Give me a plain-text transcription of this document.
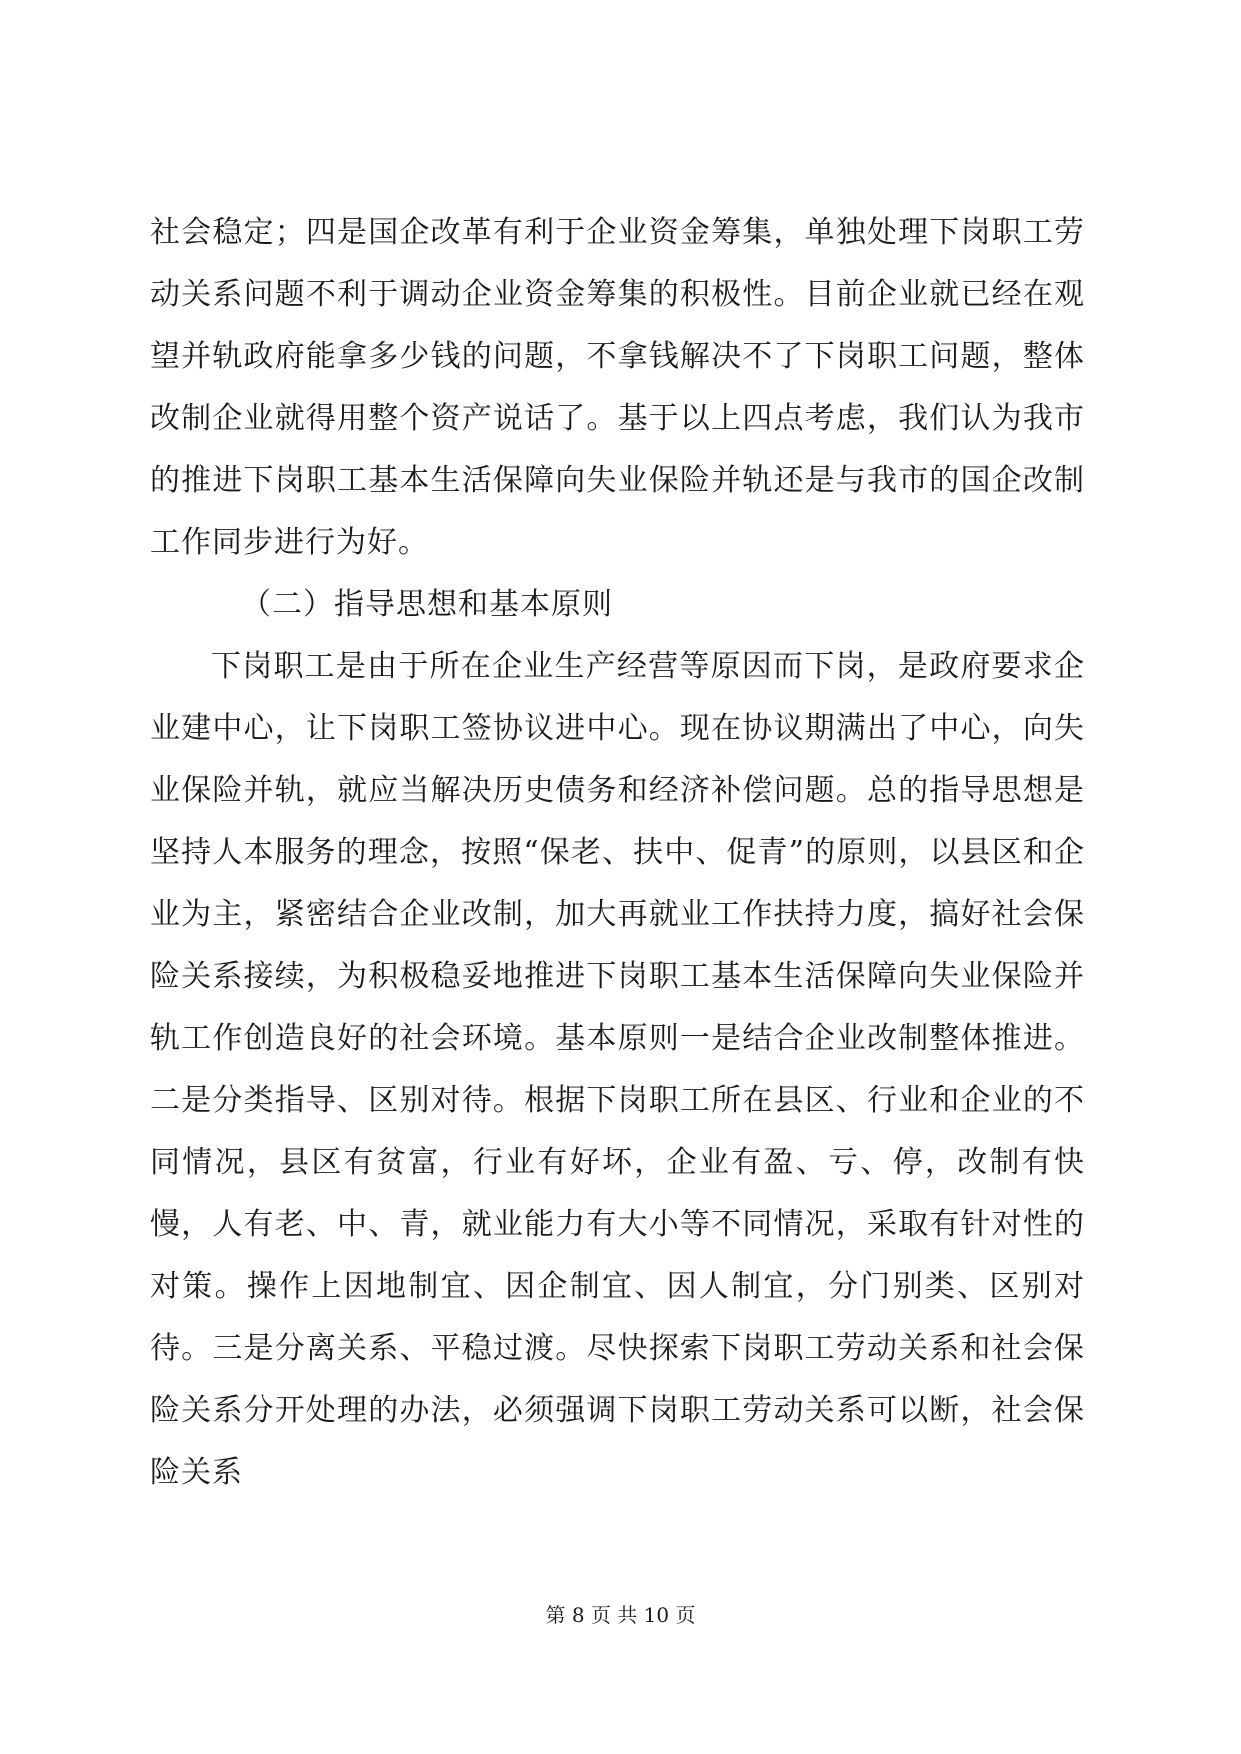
社会稳定；四是国企改革有利于企业资金筹集，单独处理下岗职工劳动关系问题不利于调动企业资金筹集的积极性。目前企业就已经在观望并轨政府能拿多少钱的问题，不拿钱解决不了下岗职工问题，整体改制企业就得用整个资产说话了。基于以上四点考虑，我们认为我市的推进下岗职工基本生活保障向失业保险并轨还是与我市的国企改制工作同步进行为好。

（二）指导思想和基本原则

下岗职工是由于所在企业生产经营等原因而下岗，是政府要求企业建中心，让下岗职工签协议进中心。现在协议期满出了中心，向失业保险并轨，就应当解决历史债务和经济补偿问题。总的指导思想是坚持人本服务的理念，按照“保老、扶中、促青”的原则，以县区和企业为主，紧密结合企业改制，加大再就业工作扶持力度，搞好社会保险关系接续，为积极稳妥地推进下岗职工基本生活保障向失业保险并轨工作创造良好的社会环境。基本原则一是结合企业改制整体推进。二是分类指导、区别对待。根据下岗职工所在县区、行业和企业的不同情况，县区有贫富，行业有好坏，企业有盈、亏、停，改制有快慢，人有老、中、青，就业能力有大小等不同情况，采取有针对性的对策。操作上因地制宜、因企制宜、因人制宜，分门别类、区别对待。三是分离关系、平稳过渡。尽快探索下岗职工劳动关系和社会保险关系分开处理的办法，必须强调下岗职工劳动关系可以断，社会保险关系

第 8 页 共 10 页
